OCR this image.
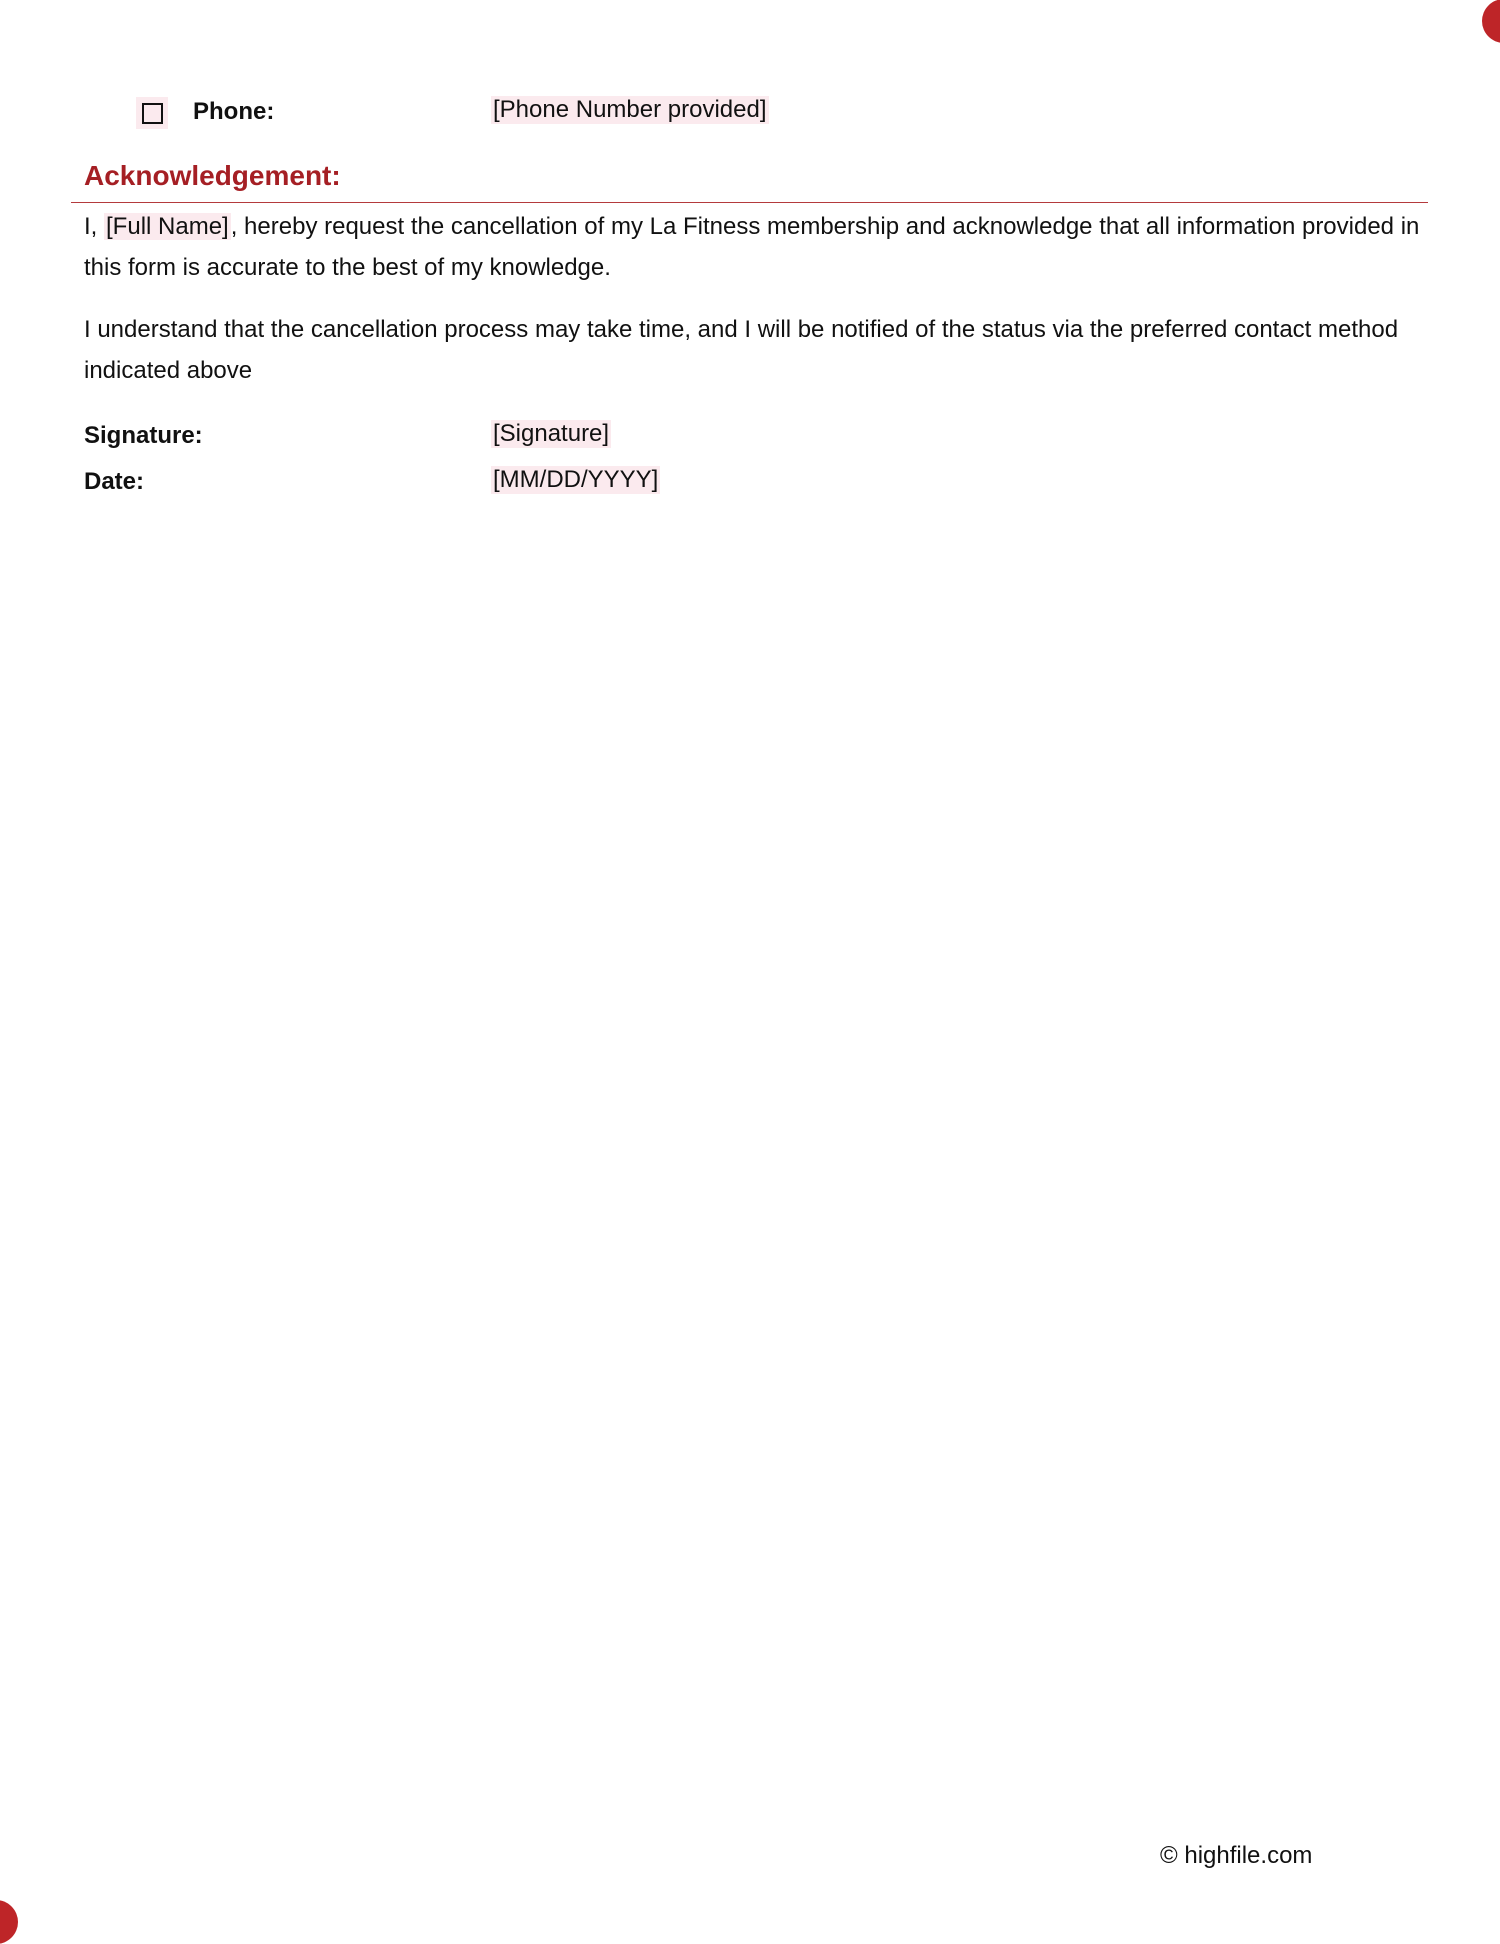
Phone:	[Phone Number provided]
Acknowledgement:
I, [Full Name], hereby request the cancellation of my La Fitness membership and acknowledge that all information provided in this form is accurate to the best of my knowledge.
I understand that the cancellation process may take time, and I will be notified of the status via the preferred contact method indicated above
Signature:	[Signature]
Date:	[MM/DD/YYYY]
© highfile.com
